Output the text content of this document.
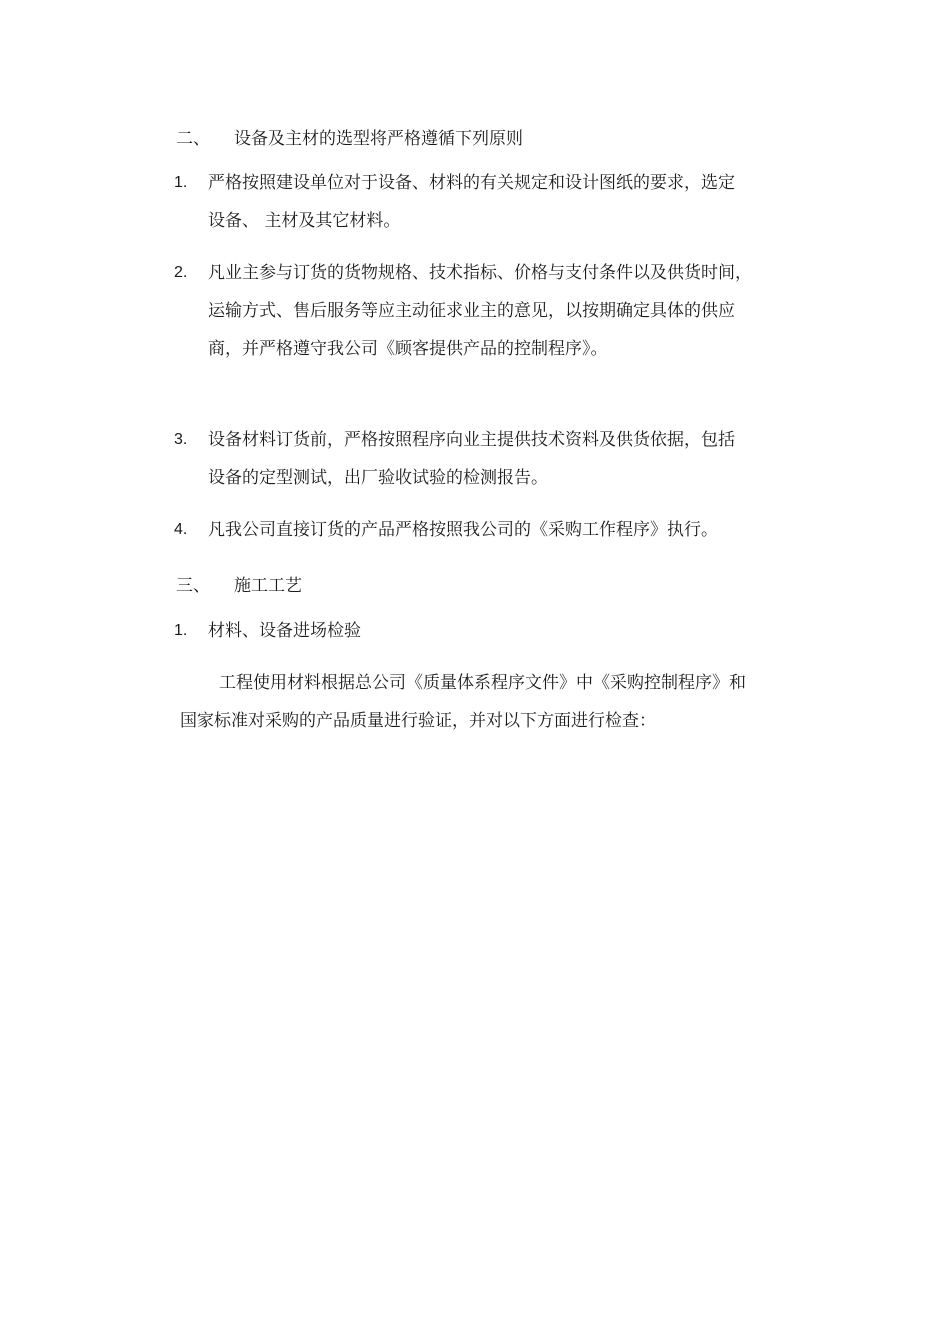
二、 设备及主材的选型将严格遵循下列原则
1. 严格按照建设单位对于设备、材料的有关规定和设计图纸的要求，选定
设备、 主材及其它材料。
2. 凡业主参与订货的货物规格、技术指标、价格与支付条件以及供货时间，
运输方式、售后服务等应主动征求业主的意见，以按期确定具体的供应
商，并严格遵守我公司《顾客提供产品的控制程序》。
3. 设备材料订货前，严格按照程序向业主提供技术资料及供货依据，包括
设备的定型测试，出厂验收试验的检测报告。
4. 凡我公司直接订货的产品严格按照我公司的《采购工作程序》执行。
三、 施工工艺
1. 材料、设备进场检验
工程使用材料根据总公司《质量体系程序文件》中《采购控制程序》和
国家标准对采购的产品质量进行验证，并对以下方面进行检查：
